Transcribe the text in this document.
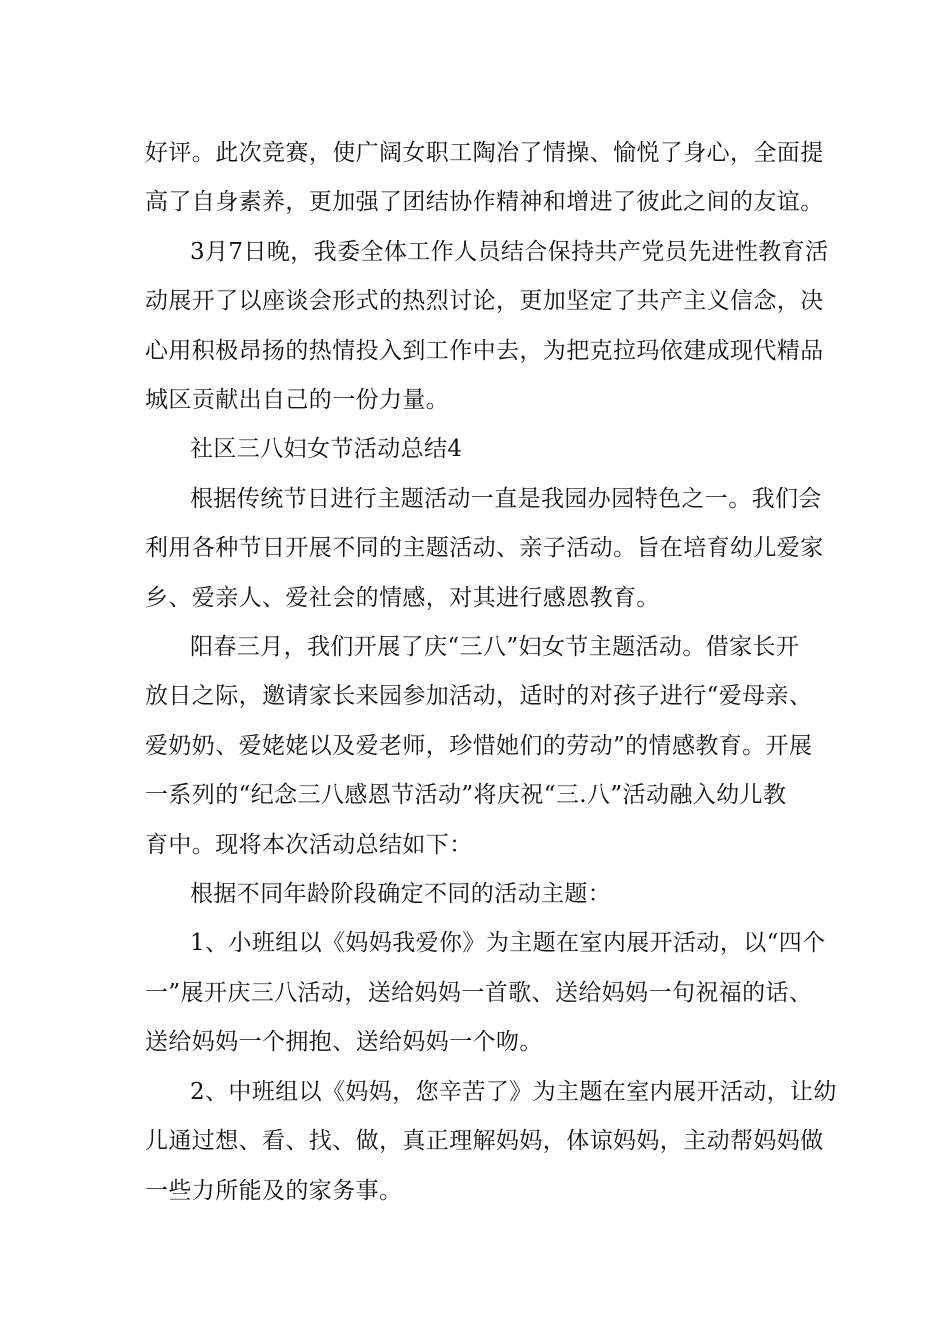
好评。此次竞赛，使广阔女职工陶冶了情操、愉悦了身心，全面提
高了自身素养，更加强了团结协作精神和增进了彼此之间的友谊。
3月7日晚，我委全体工作人员结合保持共产党员先进性教育活
动展开了以座谈会形式的热烈讨论，更加坚定了共产主义信念，决
心用积极昂扬的热情投入到工作中去，为把克拉玛依建成现代精品
城区贡献出自己的一份力量。
社区三八妇女节活动总结4
根据传统节日进行主题活动一直是我园办园特色之一。我们会
利用各种节日开展不同的主题活动、亲子活动。旨在培育幼儿爱家
乡、爱亲人、爱社会的情感，对其进行感恩教育。
阳春三月，我们开展了庆“三八”妇女节主题活动。借家长开
放日之际，邀请家长来园参加活动，适时的对孩子进行“爱母亲、
爱奶奶、爱姥姥以及爱老师，珍惜她们的劳动”的情感教育。开展
一系列的“纪念三八感恩节活动”将庆祝“三.八”活动融入幼儿教
育中。现将本次活动总结如下：
根据不同年龄阶段确定不同的活动主题：
1、小班组以《妈妈我爱你》为主题在室内展开活动，以“四个
一”展开庆三八活动，送给妈妈一首歌、送给妈妈一句祝福的话、
送给妈妈一个拥抱、送给妈妈一个吻。
2、中班组以《妈妈，您辛苦了》为主题在室内展开活动，让幼
儿通过想、看、找、做，真正理解妈妈，体谅妈妈，主动帮妈妈做
一些力所能及的家务事。
